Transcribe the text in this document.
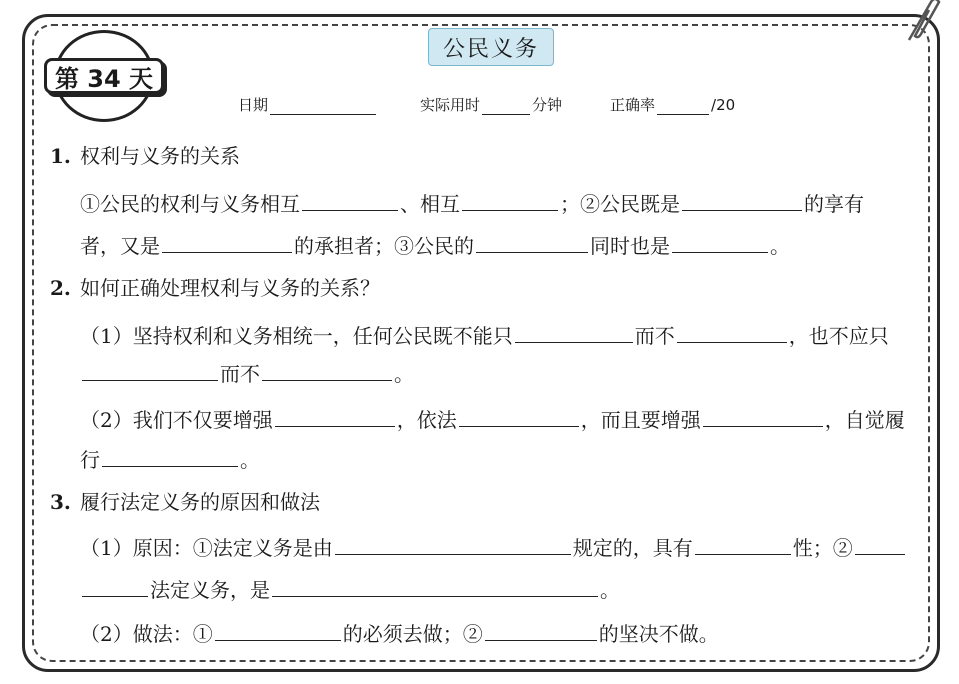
公民义务
第 34 天
日期	实际用时	分钟	正确率	/20
1. 权利与义务的关系
①公民的权利与义务相互	、相互	；②公民既是	的享有
者，又是	的承担者；③公民的	同时也是	。
2. 如何正确处理权利与义务的关系？
（1）坚持权利和义务相统一，任何公民既不能只	而不	，也不应只
而不	。
（2）我们不仅要增强	，依法	，而且要增强	，自觉履
行	。
3. 履行法定义务的原因和做法
（1）原因：①法定义务是由	规定的，具有	性；②
法定义务，是	。
（2）做法：①	的必须去做；②	的坚决不做。
